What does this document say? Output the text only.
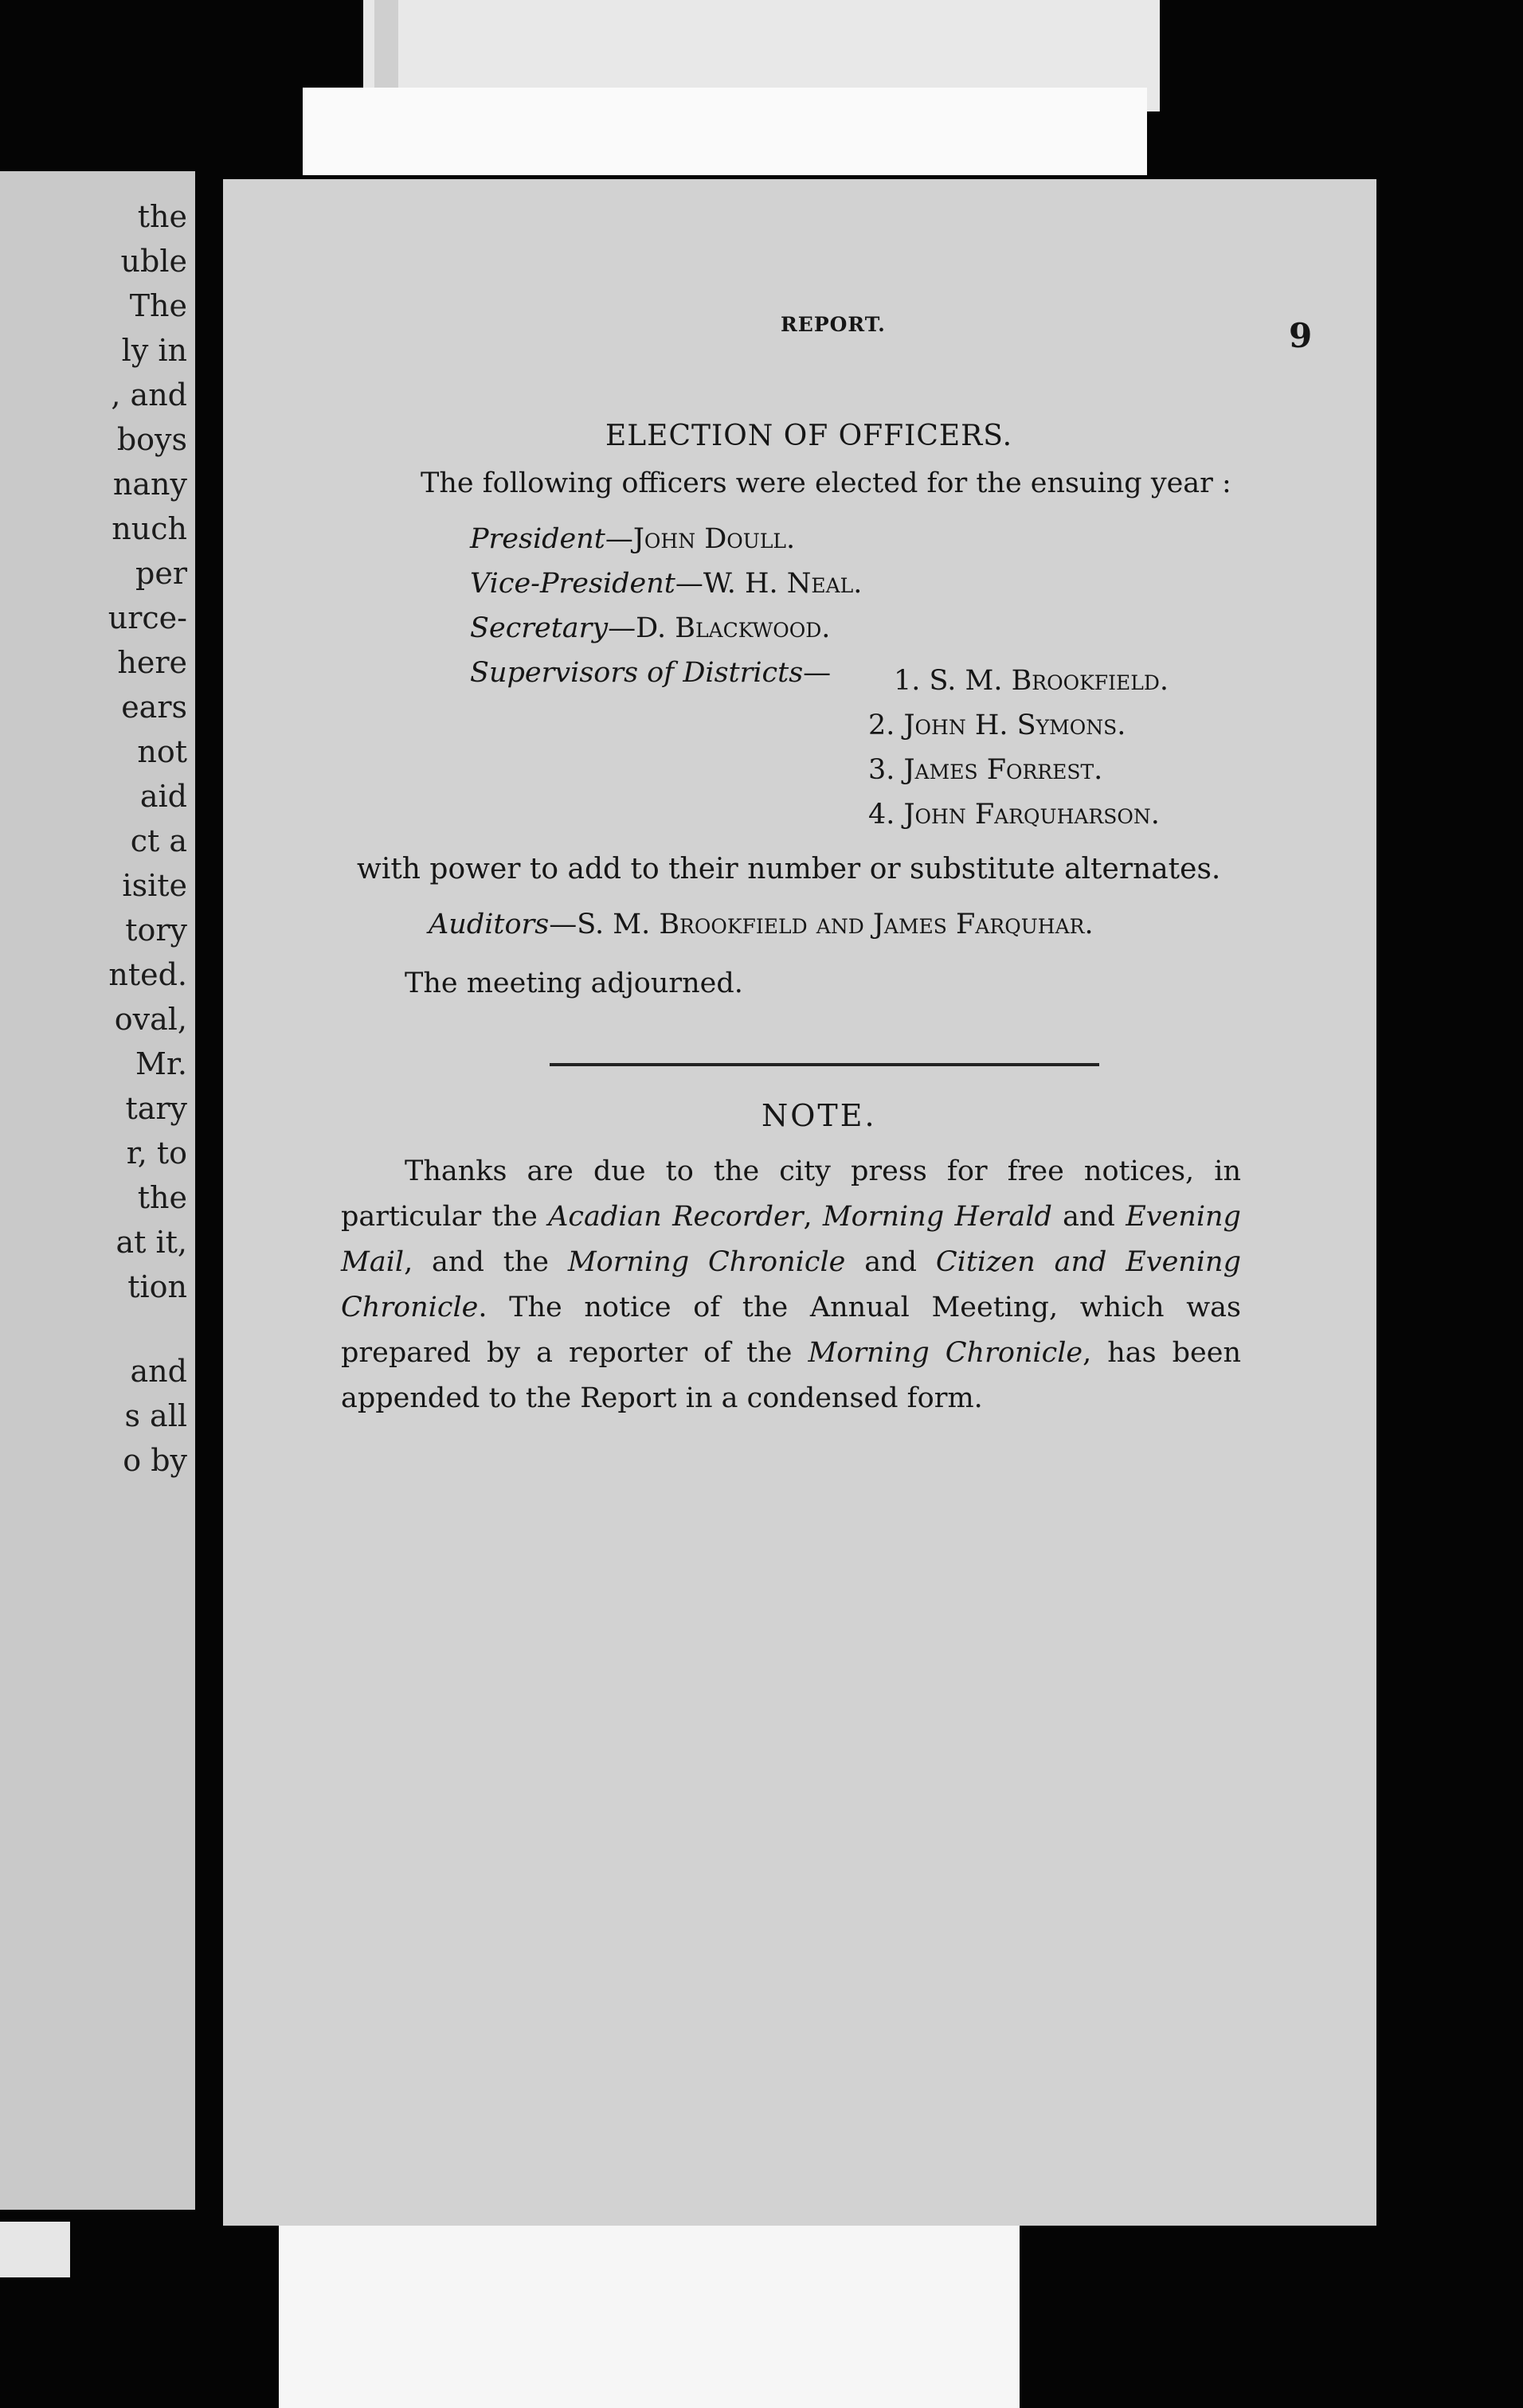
the

uble

The

ly in

, and

boys

nany

nuch

per

urce-

here

ears

not

aid

ct a

isite

tory

nted.

oval,

Mr.

tary

r, to

the

at it,

tion

and

s all

o by

REPORT.	9

ELECTION OF OFFICERS.

The following officers were elected for the ensuing year :

President—John Doull.

Vice-President—W. H. Neal.

Secretary—D. Blackwood.

Supervisors of Districts— 1. S. M. Brookfield.

2. John H. Symons.

3. James Forrest.

4. John Farquharson.

with power to add to their number or substitute alternates.

Auditors—S. M. Brookfield and James Farquhar.

The meeting adjourned.

NOTE.

Thanks are due to the city press for free notices, in particular the Acadian Recorder, Morning Herald and Evening Mail, and the Morning Chronicle and Citizen and Evening Chronicle. The notice of the Annual Meeting, which was prepared by a reporter of the Morning Chronicle, has been appended to the Report in a condensed form.
